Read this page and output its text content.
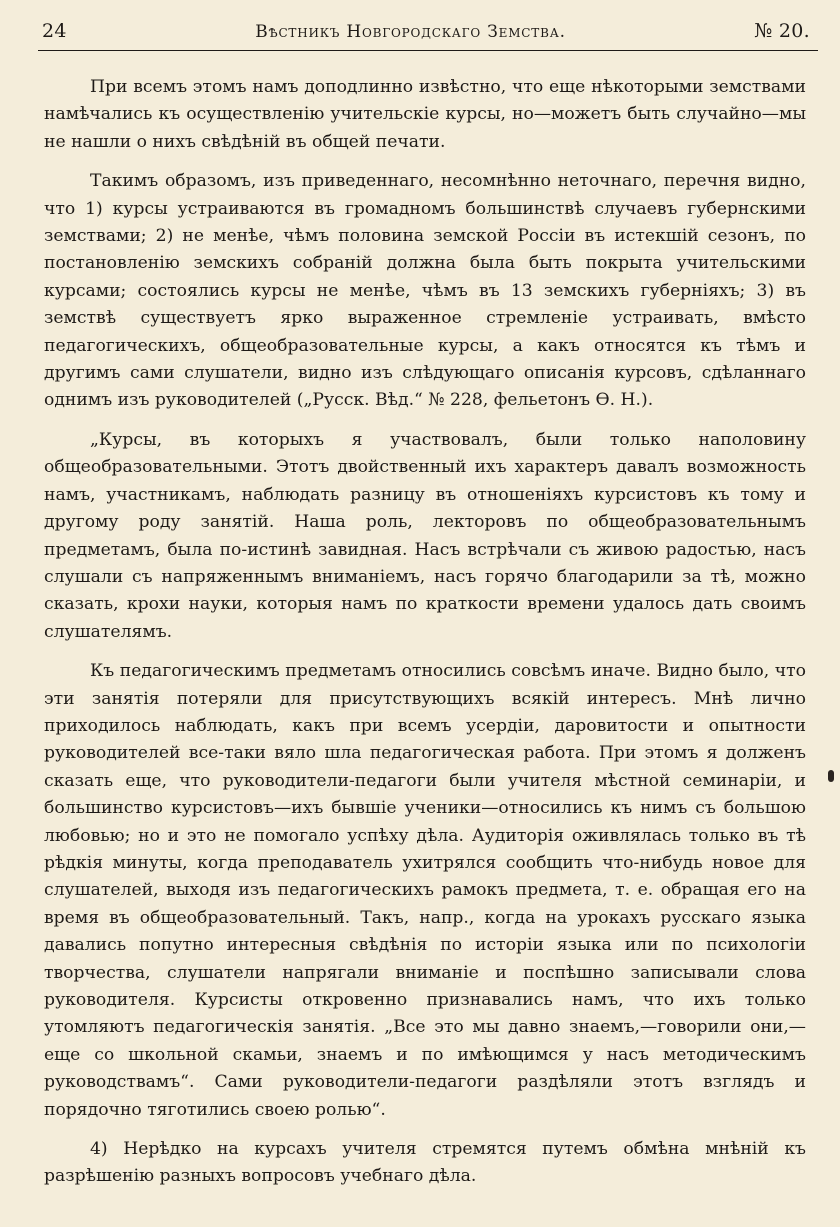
24	Вѣстникъ Новгородскаго Земства.	№ 20.

При всемъ этомъ намъ доподлинно извѣстно, что еще нѣкоторыми земствами намѣчались къ осуществленію учительскіе курсы, но—можетъ быть случайно—мы не нашли о нихъ свѣдѣній въ общей печати.

Такимъ образомъ, изъ приведеннаго, несомнѣнно неточнаго, перечня видно, что 1) курсы устраиваются въ громадномъ большинствѣ случаевъ губернскими земствами; 2) не менѣе, чѣмъ половина земской Россіи въ истекшій сезонъ, по постановленію земскихъ собраній должна была быть покрыта учительскими курсами; состоялись курсы не менѣе, чѣмъ въ 13 земскихъ губерніяхъ; 3) въ земствѣ существуетъ ярко выраженное стремленіе устраивать, вмѣсто педагогическихъ, общеобразовательные курсы, а какъ относятся къ тѣмъ и другимъ сами слушатели, видно изъ слѣдующаго описанія курсовъ, сдѣланнаго однимъ изъ руководителей („Русск. Вѣд.“ № 228, фельетонъ Ѳ. Н.).

„Курсы, въ которыхъ я участвовалъ, были только наполовину общеобразовательными. Этотъ двойственный ихъ характеръ давалъ возможность намъ, участникамъ, наблюдать разницу въ отношеніяхъ курсистовъ къ тому и другому роду занятій. Наша роль, лекторовъ по общеобразовательнымъ предметамъ, была по-истинѣ завидная. Насъ встрѣчали съ живою радостью, насъ слушали съ напряженнымъ вниманіемъ, насъ горячо благодарили за тѣ, можно сказать, крохи науки, которыя намъ по краткости времени удалось дать своимъ слушателямъ.

Къ педагогическимъ предметамъ относились совсѣмъ иначе. Видно было, что эти занятія потеряли для присутствующихъ всякій интересъ. Мнѣ лично приходилось наблюдать, какъ при всемъ усердіи, даровитости и опытности руководителей все-таки вяло шла педагогическая работа. При этомъ я долженъ сказать еще, что руководители-педагоги были учителя мѣстной семинаріи, и большинство курсистовъ—ихъ бывшіе ученики—относились къ нимъ съ большою любовью; но и это не помогало успѣху дѣла. Аудиторія оживлялась только въ тѣ рѣдкія минуты, когда преподаватель ухитрялся сообщить что-нибудь новое для слушателей, выходя изъ педагогическихъ рамокъ предмета, т. е. обращая его на время въ общеобразовательный. Такъ, напр., когда на урокахъ русскаго языка давались попутно интересныя свѣдѣнія по исторіи языка или по психологіи творчества, слушатели напрягали вниманіе и поспѣшно записывали слова руководителя. Курсисты откровенно признавались намъ, что ихъ только утомляютъ педагогическія занятія. „Все это мы давно знаемъ,—говорили они,—еще со школьной скамьи, знаемъ и по имѣющимся у насъ методическимъ руководствамъ“. Сами руководители-педагоги раздѣляли этотъ взглядъ и порядочно тяготились своею ролью“.

4) Нерѣдко на курсахъ учителя стремятся путемъ обмѣна мнѣній къ разрѣшенію разныхъ вопросовъ учебнаго дѣла.
